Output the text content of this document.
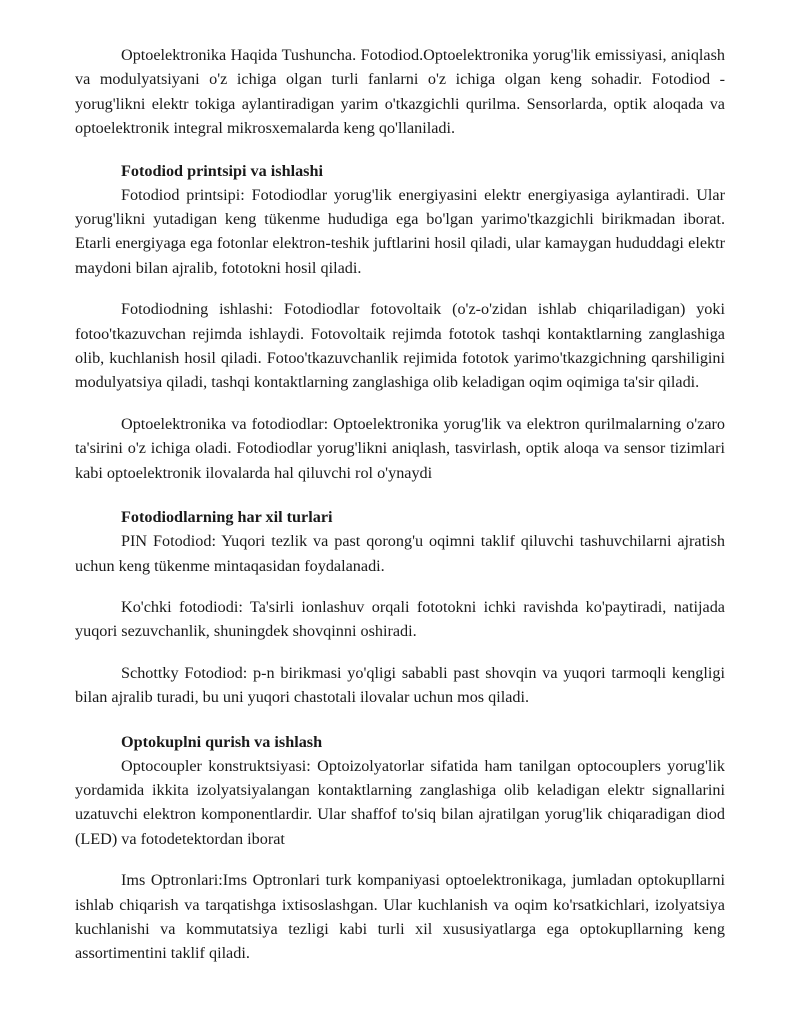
Optoelektronika Haqida Tushuncha. Fotodiod.Optoelektronika yorug'lik emissiyasi, aniqlash va modulyatsiyani o'z ichiga olgan turli fanlarni o'z ichiga olgan keng sohadir. Fotodiod - yorug'likni elektr tokiga aylantiradigan yarim o'tkazgichli qurilma. Sensorlarda, optik aloqada va optoelektronik integral mikrosxemalarda keng qo'llaniladi.

Fotodiod printsipi va ishlashi

Fotodiod printsipi: Fotodiodlar yorug'lik energiyasini elektr energiyasiga aylantiradi. Ular yorug'likni yutadigan keng tükenme hududiga ega bo'lgan yarimo'tkazgichli birikmadan iborat. Etarli energiyaga ega fotonlar elektron-teshik juftlarini hosil qiladi, ular kamaygan hududdagi elektr maydoni bilan ajralib, fototokni hosil qiladi.

Fotodiodning ishlashi: Fotodiodlar fotovoltaik (o'z-o'zidan ishlab chiqariladigan) yoki fotoo'tkazuvchan rejimda ishlaydi. Fotovoltaik rejimda fototok tashqi kontaktlarning zanglashiga olib, kuchlanish hosil qiladi. Fotoo'tkazuvchanlik rejimida fototok yarimo'tkazgichning qarshiligini modulyatsiya qiladi, tashqi kontaktlarning zanglashiga olib keladigan oqim oqimiga ta'sir qiladi.

Optoelektronika va fotodiodlar: Optoelektronika yorug'lik va elektron qurilmalarning o'zaro ta'sirini o'z ichiga oladi. Fotodiodlar yorug'likni aniqlash, tasvirlash, optik aloqa va sensor tizimlari kabi optoelektronik ilovalarda hal qiluvchi rol o'ynaydi

Fotodiodlarning har xil turlari

PIN Fotodiod: Yuqori tezlik va past qorong'u oqimni taklif qiluvchi tashuvchilarni ajratish uchun keng tükenme mintaqasidan foydalanadi.

Ko'chki fotodiodi: Ta'sirli ionlashuv orqali fototokni ichki ravishda ko'paytiradi, natijada yuqori sezuvchanlik, shuningdek shovqinni oshiradi.

Schottky Fotodiod: p-n birikmasi yo'qligi sababli past shovqin va yuqori tarmoqli kengligi bilan ajralib turadi, bu uni yuqori chastotali ilovalar uchun mos qiladi.

Optokuplni qurish va ishlash

Optocoupler konstruktsiyasi: Optoizolyatorlar sifatida ham tanilgan optocouplers yorug'lik yordamida ikkita izolyatsiyalangan kontaktlarning zanglashiga olib keladigan elektr signallarini uzatuvchi elektron komponentlardir. Ular shaffof to'siq bilan ajratilgan yorug'lik chiqaradigan diod (LED) va fotodetektordan iborat

Ims Optronlari:Ims Optronlari turk kompaniyasi optoelektronikaga, jumladan optokupllarni ishlab chiqarish va tarqatishga ixtisoslashgan. Ular kuchlanish va oqim ko'rsatkichlari, izolyatsiya kuchlanishi va kommutatsiya tezligi kabi turli xil xususiyatlarga ega optokupllarning keng assortimentini taklif qiladi.
